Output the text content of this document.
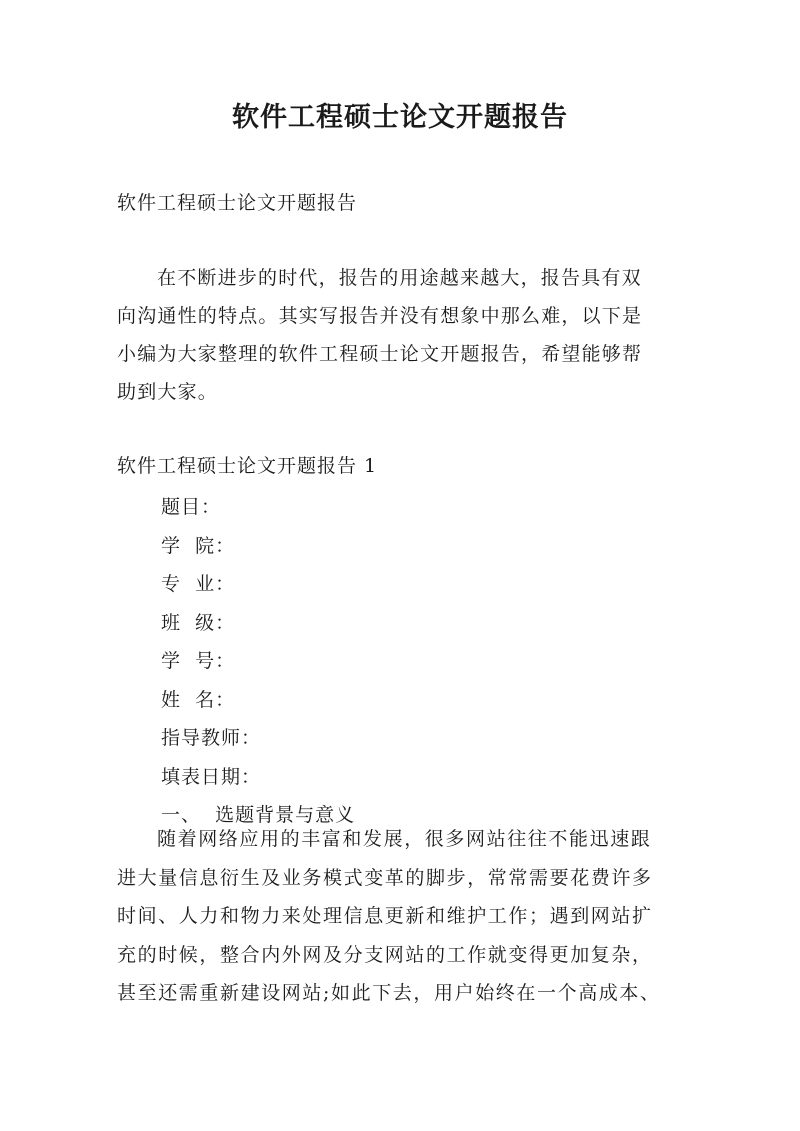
软件工程硕士论文开题报告
软件工程硕士论文开题报告
在不断进步的时代，报告的用途越来越大，报告具有双
向沟通性的特点。其实写报告并没有想象中那么难，以下是
小编为大家整理的软件工程硕士论文开题报告，希望能够帮
助到大家。
软件工程硕士论文开题报告 1
题目：
学  院：
专  业：
班  级：
学  号：
姓  名：
指导教师：
填表日期：
一、  选题背景与意义
随着网络应用的丰富和发展，很多网站往往不能迅速跟
进大量信息衍生及业务模式变革的脚步，常常需要花费许多
时间、人力和物力来处理信息更新和维护工作；遇到网站扩
充的时候，整合内外网及分支网站的工作就变得更加复杂，
甚至还需重新建设网站;如此下去，用户始终在一个高成本、
